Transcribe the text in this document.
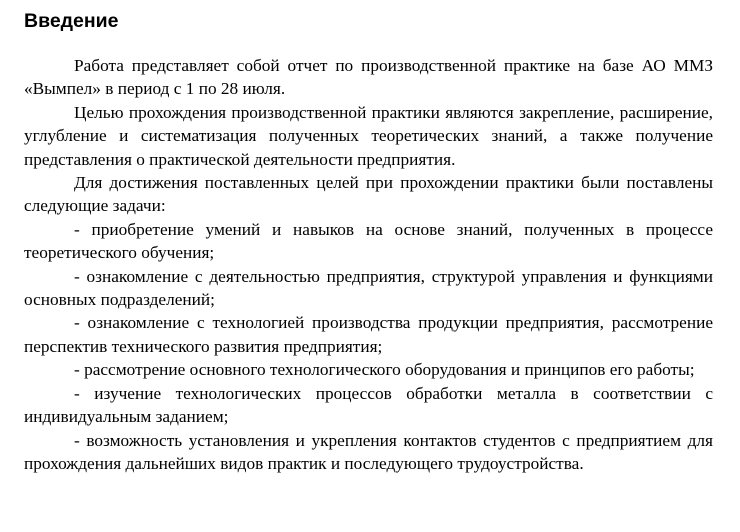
Введение

Работа представляет собой отчет по производственной практике на базе АО ММЗ «Вымпел» в период с 1 по 28 июля.

Целью прохождения производственной практики являются закрепление, расширение, углубление и систематизация полученных теоретических знаний, а также получение представления о практической деятельности предприятия.

Для достижения поставленных целей при прохождении практики были поставлены следующие задачи:

- приобретение умений и навыков на основе знаний, полученных в процессе теоретического обучения;

- ознакомление с деятельностью предприятия, структурой управления и функциями основных подразделений;

- ознакомление с технологией производства продукции предприятия, рассмотрение перспектив технического развития предприятия;

- рассмотрение основного технологического оборудования и принципов его работы;

- изучение технологических процессов обработки металла в соответствии с индивидуальным заданием;

- возможность установления и укрепления контактов студентов с предприятием для прохождения дальнейших видов практик и последующего трудоустройства.
